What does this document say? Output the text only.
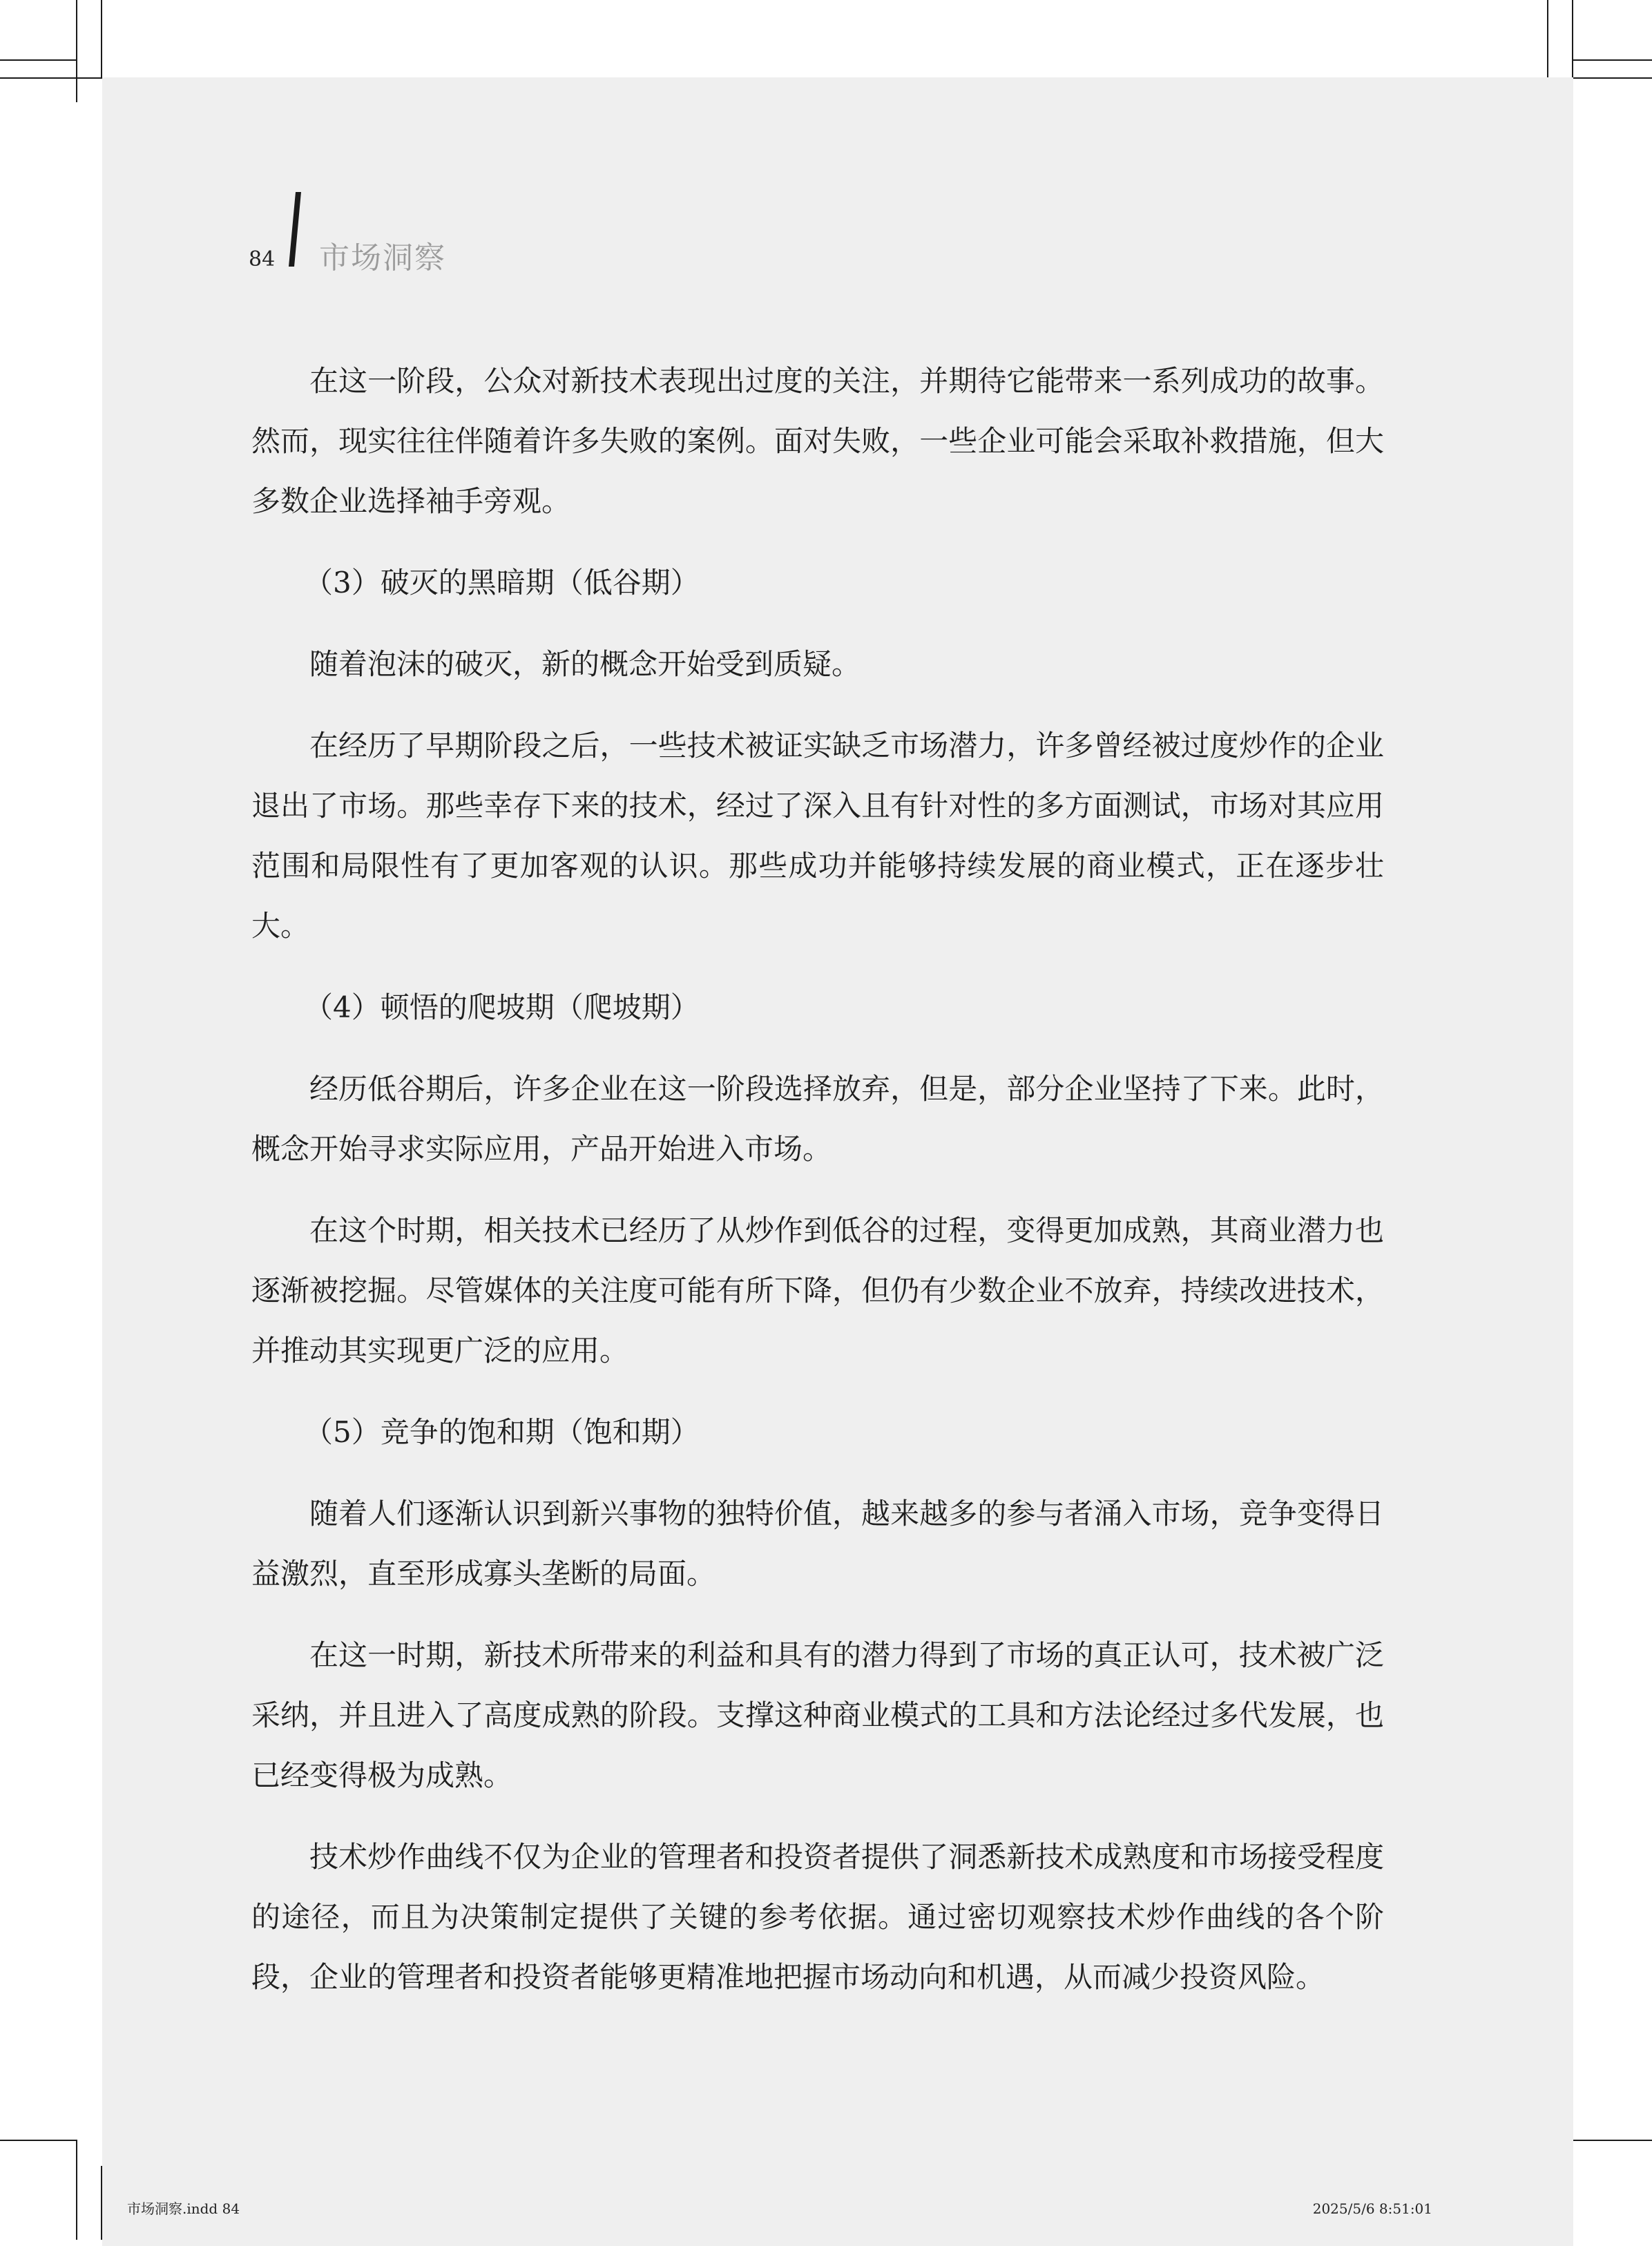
84 市场洞察

在这一阶段，公众对新技术表现出过度的关注，并期待它能带来一系列成功的故事。然而，现实往往伴随着许多失败的案例。面对失败，一些企业可能会采取补救措施，但大多数企业选择袖手旁观。

（3）破灭的黑暗期（低谷期）

随着泡沫的破灭，新的概念开始受到质疑。

在经历了早期阶段之后，一些技术被证实缺乏市场潜力，许多曾经被过度炒作的企业退出了市场。那些幸存下来的技术，经过了深入且有针对性的多方面测试，市场对其应用范围和局限性有了更加客观的认识。那些成功并能够持续发展的商业模式，正在逐步壮大。

（4）顿悟的爬坡期（爬坡期）

经历低谷期后，许多企业在这一阶段选择放弃，但是，部分企业坚持了下来。此时，概念开始寻求实际应用，产品开始进入市场。

在这个时期，相关技术已经历了从炒作到低谷的过程，变得更加成熟，其商业潜力也逐渐被挖掘。尽管媒体的关注度可能有所下降，但仍有少数企业不放弃，持续改进技术，并推动其实现更广泛的应用。

（5）竞争的饱和期（饱和期）

随着人们逐渐认识到新兴事物的独特价值，越来越多的参与者涌入市场，竞争变得日益激烈，直至形成寡头垄断的局面。

在这一时期，新技术所带来的利益和具有的潜力得到了市场的真正认可，技术被广泛采纳，并且进入了高度成熟的阶段。支撑这种商业模式的工具和方法论经过多代发展，也已经变得极为成熟。

技术炒作曲线不仅为企业的管理者和投资者提供了洞悉新技术成熟度和市场接受程度的途径，而且为决策制定提供了关键的参考依据。通过密切观察技术炒作曲线的各个阶段，企业的管理者和投资者能够更精准地把握市场动向和机遇，从而减少投资风险。

市场洞察.indd 84	2025/5/6 8:51:01
